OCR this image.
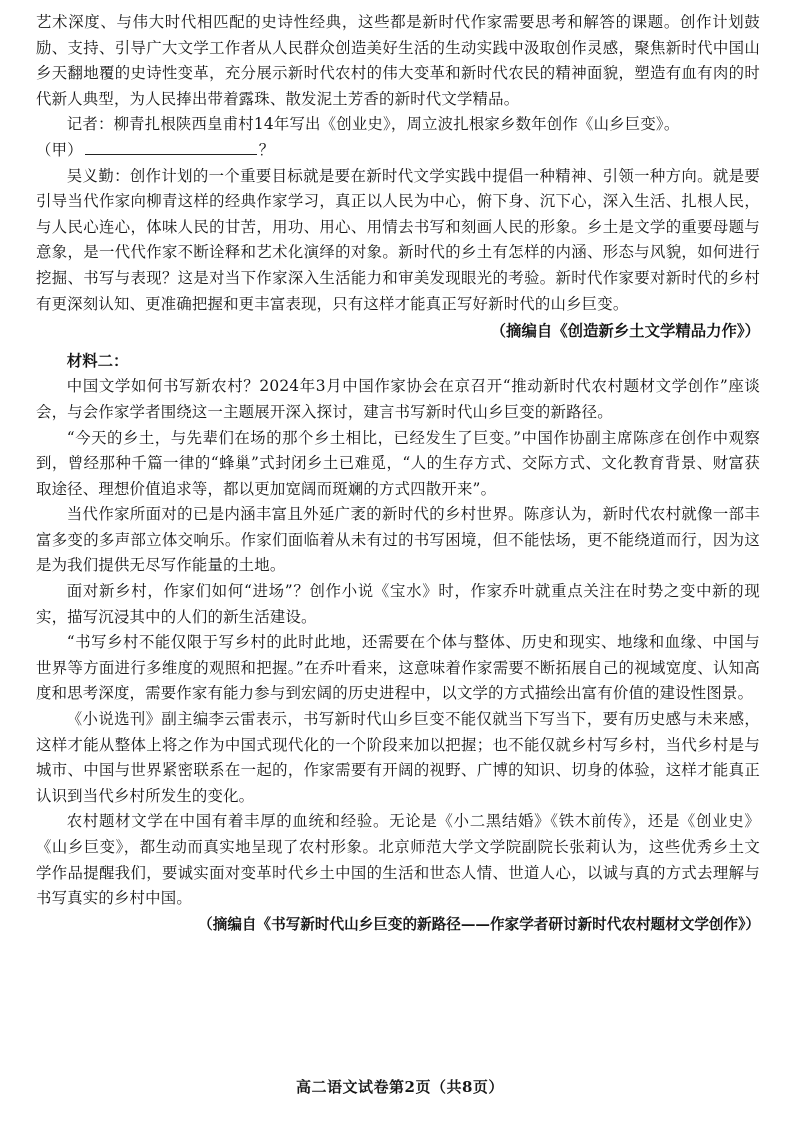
艺术深度、与伟大时代相匹配的史诗性经典，这些都是新时代作家需要思考和解答的课题。创作计划鼓励、支持、引导广大文学工作者从人民群众创造美好生活的生动实践中汲取创作灵感，聚焦新时代中国山乡天翻地覆的史诗性变革，充分展示新时代农村的伟大变革和新时代农民的精神面貌，塑造有血有肉的时代新人典型，为人民捧出带着露珠、散发泥土芳香的新时代文学精品。

记者：柳青扎根陕西皇甫村14年写出《创业史》，周立波扎根家乡数年创作《山乡巨变》。

（甲）	？

吴义勤：创作计划的一个重要目标就是要在新时代文学实践中提倡一种精神、引领一种方向。就是要引导当代作家向柳青这样的经典作家学习，真正以人民为中心，俯下身、沉下心，深入生活、扎根人民，与人民心连心，体味人民的甘苦，用功、用心、用情去书写和刻画人民的形象。乡土是文学的重要母题与意象，是一代代作家不断诠释和艺术化演绎的对象。新时代的乡土有怎样的内涵、形态与风貌，如何进行挖掘、书写与表现？这是对当下作家深入生活能力和审美发现眼光的考验。新时代作家要对新时代的乡村有更深刻认知、更准确把握和更丰富表现，只有这样才能真正写好新时代的山乡巨变。

（摘编自《创造新乡土文学精品力作》）

材料二：

中国文学如何书写新农村？2024年3月中国作家协会在京召开“推动新时代农村题材文学创作”座谈会，与会作家学者围绕这一主题展开深入探讨，建言书写新时代山乡巨变的新路径。

“今天的乡土，与先辈们在场的那个乡土相比，已经发生了巨变。”中国作协副主席陈彦在创作中观察到，曾经那种千篇一律的“蜂巢”式封闭乡土已难觅，“人的生存方式、交际方式、文化教育背景、财富获取途径、理想价值追求等，都以更加宽阔而斑斓的方式四散开来”。

当代作家所面对的已是内涵丰富且外延广袤的新时代的乡村世界。陈彦认为，新时代农村就像一部丰富多变的多声部立体交响乐。作家们面临着从未有过的书写困境，但不能怯场，更不能绕道而行，因为这是为我们提供无尽写作能量的土地。

面对新乡村，作家们如何“进场”？创作小说《宝水》时，作家乔叶就重点关注在时势之变中新的现实，描写沉浸其中的人们的新生活建设。

“书写乡村不能仅限于写乡村的此时此地，还需要在个体与整体、历史和现实、地缘和血缘、中国与世界等方面进行多维度的观照和把握。”在乔叶看来，这意味着作家需要不断拓展自己的视域宽度、认知高度和思考深度，需要作家有能力参与到宏阔的历史进程中，以文学的方式描绘出富有价值的建设性图景。

《小说选刊》副主编李云雷表示，书写新时代山乡巨变不能仅就当下写当下，要有历史感与未来感，这样才能从整体上将之作为中国式现代化的一个阶段来加以把握；也不能仅就乡村写乡村，当代乡村是与城市、中国与世界紧密联系在一起的，作家需要有开阔的视野、广博的知识、切身的体验，这样才能真正认识到当代乡村所发生的变化。

农村题材文学在中国有着丰厚的血统和经验。无论是《小二黑结婚》《铁木前传》，还是《创业史》《山乡巨变》，都生动而真实地呈现了农村形象。北京师范大学文学院副院长张莉认为，这些优秀乡土文学作品提醒我们，要诚实面对变革时代乡土中国的生活和世态人情、世道人心，以诚与真的方式去理解与书写真实的乡村中国。

（摘编自《书写新时代山乡巨变的新路径——作家学者研讨新时代农村题材文学创作》）

高二语文试卷第2页（共8页）
